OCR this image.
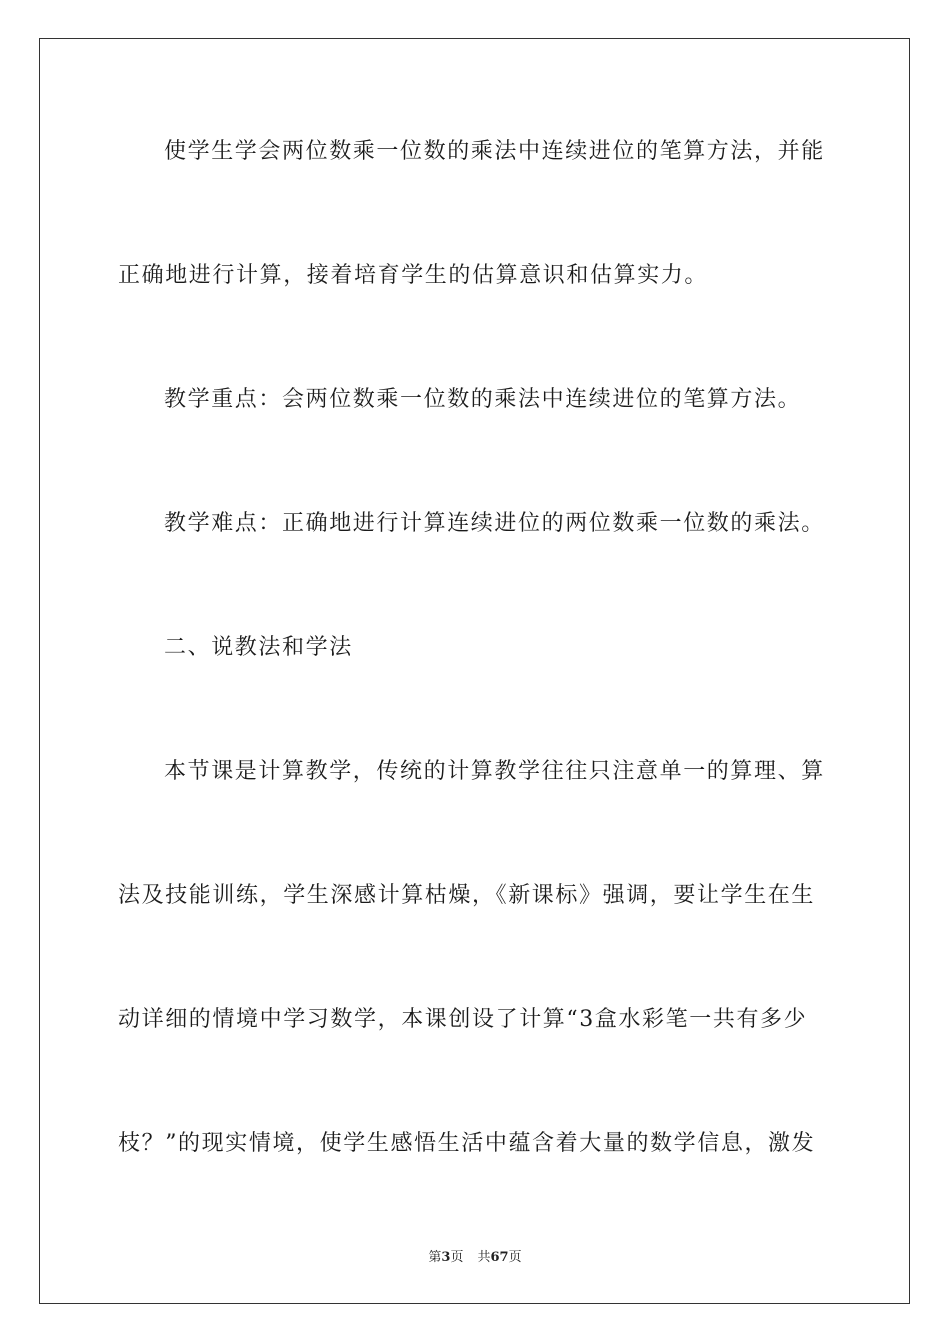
使学生学会两位数乘一位数的乘法中连续进位的笔算方法，并能
正确地进行计算，接着培育学生的估算意识和估算实力。
教学重点：会两位数乘一位数的乘法中连续进位的笔算方法。
教学难点：正确地进行计算连续进位的两位数乘一位数的乘法。
二、说教法和学法
本节课是计算教学，传统的计算教学往往只注意单一的算理、算
法及技能训练，学生深感计算枯燥，《新课标》强调，要让学生在生
动详细的情境中学习数学，本课创设了计算“3盒水彩笔一共有多少
枝？”的现实情境，使学生感悟生活中蕴含着大量的数学信息，激发
第3页 共67页
